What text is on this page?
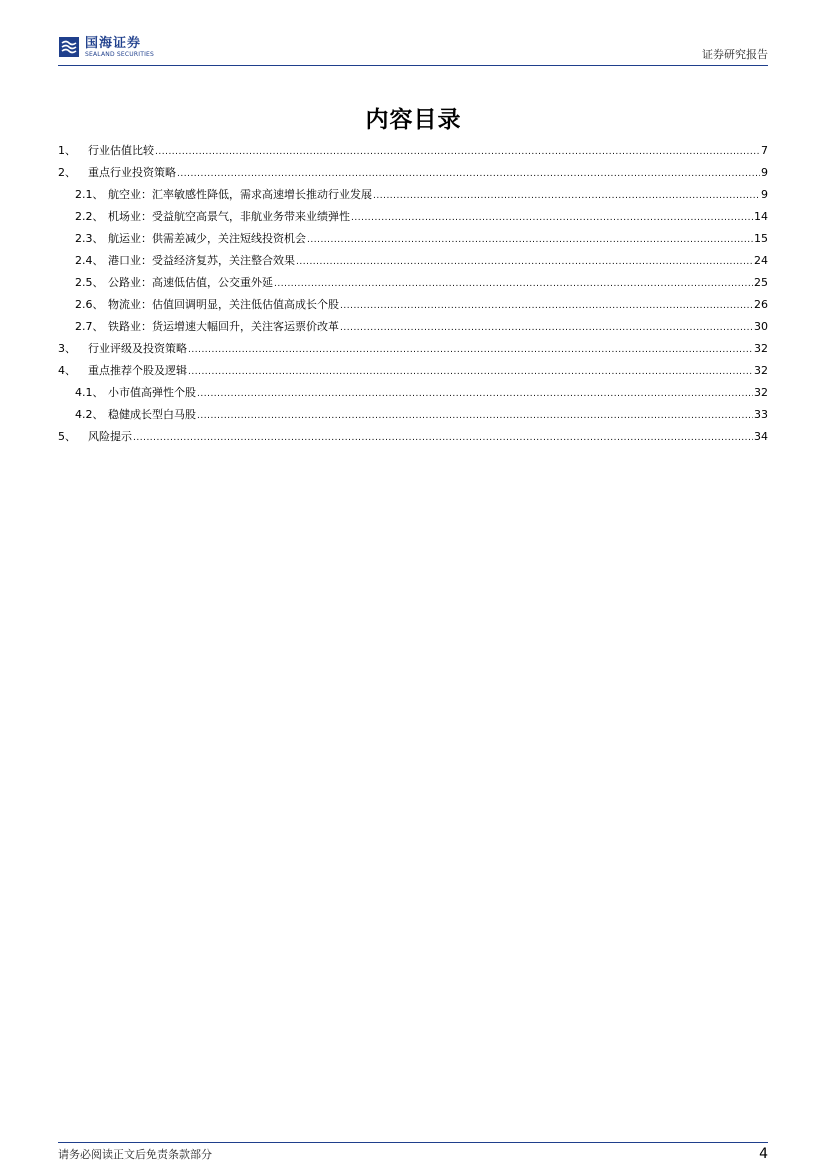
国海证券
SEALAND SECURITIES	证券研究报告
内容目录
1、	行业估值比较 .....	7
2、	重点行业投资策略 .....	9
2.1、 航空业：汇率敏感性降低，需求高速增长推动行业发展 .....	9
2.2、 机场业：受益航空高景气，非航业务带来业绩弹性 .....	14
2.3、 航运业：供需差减少，关注短线投资机会 .....	15
2.4、 港口业：受益经济复苏，关注整合效果 .....	24
2.5、 公路业：高速低估值，公交重外延 .....	25
2.6、 物流业：估值回调明显，关注低估值高成长个股 .....	26
2.7、 铁路业：货运增速大幅回升，关注客运票价改革 .....	30
3、	行业评级及投资策略 .....	32
4、	重点推荐个股及逻辑 .....	32
4.1、 小市值高弹性个股 .....	32
4.2、 稳健成长型白马股 .....	33
5、	风险提示 .....	34
请务必阅读正文后免责条款部分	4
